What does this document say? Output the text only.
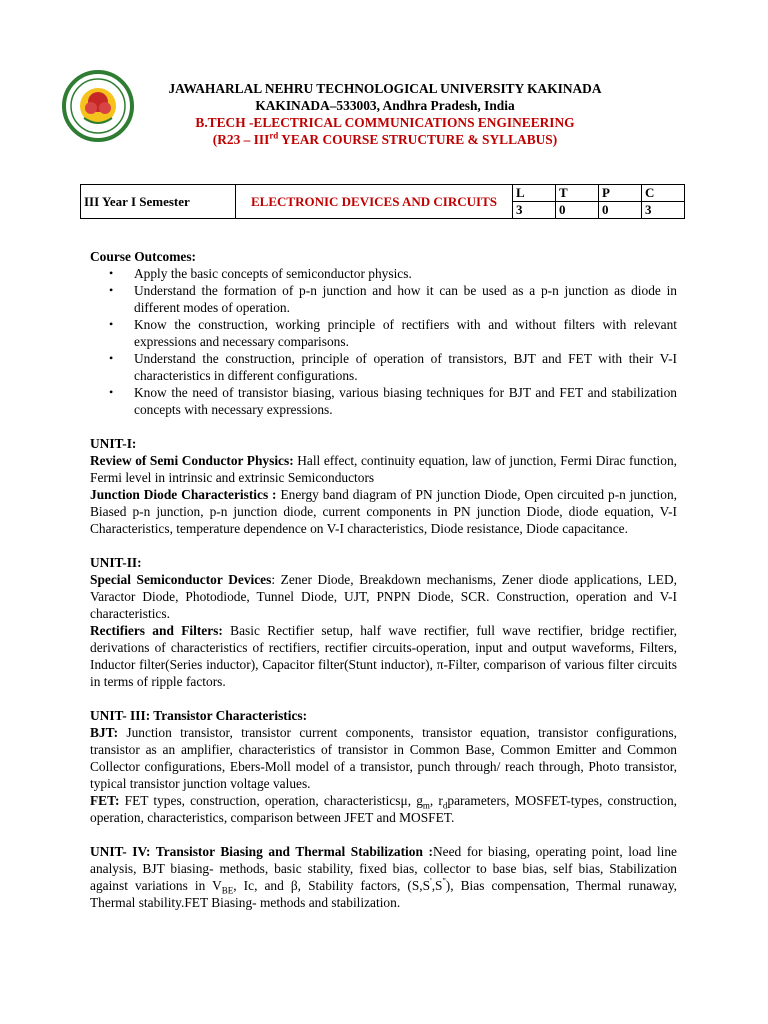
JAWAHARLAL NEHRU TECHNOLOGICAL UNIVERSITY KAKINADA
KAKINADA–533003, Andhra Pradesh, India
B.TECH -ELECTRICAL COMMUNICATIONS ENGINEERING
(R23 – IIIrd YEAR COURSE STRUCTURE & SYLLABUS)
III Year I Semester	ELECTRONIC DEVICES AND CIRCUITS	L	T	P	C
		3	0	0	3

Course Outcomes:

• Apply the basic concepts of semiconductor physics.
• Understand the formation of p-n junction and how it can be used as a p-n junction as diode in different modes of operation.
• Know the construction, working principle of rectifiers with and without filters with relevant expressions and necessary comparisons.
• Understand the construction, principle of operation of transistors, BJT and FET with their V-I characteristics in different configurations.
• Know the need of transistor biasing, various biasing techniques for BJT and FET and stabilization concepts with necessary expressions.

UNIT-I:

Review of Semi Conductor Physics: Hall effect, continuity equation, law of junction, Fermi Dirac function, Fermi level in intrinsic and extrinsic Semiconductors

Junction Diode Characteristics : Energy band diagram of PN junction Diode, Open circuited p-n junction, Biased p-n junction, p-n junction diode, current components in PN junction Diode, diode equation, V-I Characteristics, temperature dependence on V-I characteristics, Diode resistance, Diode capacitance.

UNIT-II:

Special Semiconductor Devices: Zener Diode, Breakdown mechanisms, Zener diode applications, LED, Varactor Diode, Photodiode, Tunnel Diode, UJT, PNPN Diode, SCR. Construction, operation and V-I characteristics.

Rectifiers and Filters: Basic Rectifier setup, half wave rectifier, full wave rectifier, bridge rectifier, derivations of characteristics of rectifiers, rectifier circuits-operation, input and output waveforms, Filters, Inductor filter(Series inductor), Capacitor filter(Stunt inductor), π-Filter, comparison of various filter circuits in terms of ripple factors.

UNIT- III: Transistor Characteristics:

BJT: Junction transistor, transistor current components, transistor equation, transistor configurations, transistor as an amplifier, characteristics of transistor in Common Base, Common Emitter and Common Collector configurations, Ebers-Moll model of a transistor, punch through/ reach through, Photo transistor, typical transistor junction voltage values.

FET: FET types, construction, operation, characteristicsμ, $g_m$, $r_dparameters$, MOSFET-types, construction, operation, characteristics, comparison between JFET and MOSFET.

UNIT- IV: Transistor Biasing and Thermal Stabilization :Need for biasing, operating point, load line analysis, BJT biasing- methods, basic stability, fixed bias, collector to base bias, self bias, Stabilization against variations in $V_{BE}$, Ic, and β, Stability factors, (S,S',S''), Bias compensation, Thermal runaway, Thermal stability.FET Biasing- methods and stabilization.
